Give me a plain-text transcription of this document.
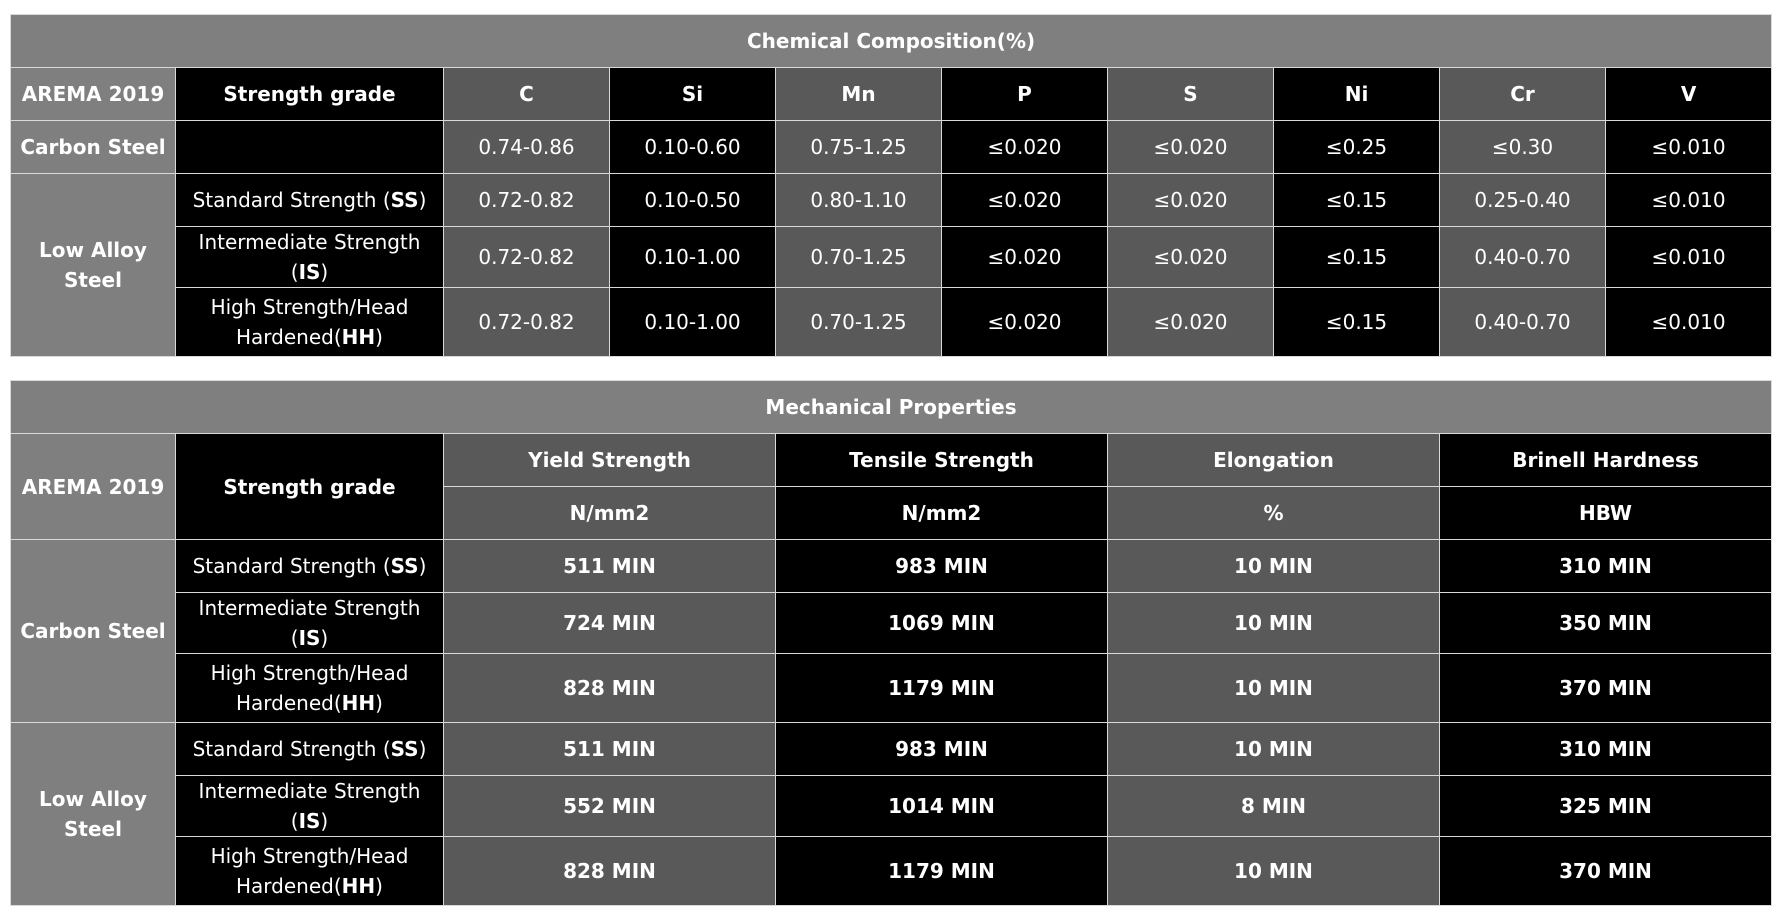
Chemical Composition(%)									
AREMA 2019	Strength grade	C	Si	Mn	P	S	Ni	Cr	V
Carbon Steel		0.74-0.86	0.10-0.60	0.75-1.25	≤0.020	≤0.020	≤0.25	≤0.30	≤0.010
Low Alloy Steel	Standard Strength (SS)	0.72-0.82	0.10-0.50	0.80-1.10	≤0.020	≤0.020	≤0.15	0.25-0.40	≤0.010
	Intermediate Strength (IS)	0.72-0.82	0.10-1.00	0.70-1.25	≤0.020	≤0.020	≤0.15	0.40-0.70	≤0.010
	High Strength/Head Hardened(HH)	0.72-0.82	0.10-1.00	0.70-1.25	≤0.020	≤0.020	≤0.15	0.40-0.70	≤0.010
Mechanical Properties					
AREMA 2019	Strength grade	Yield Strength	Tensile Strength	Elongation	Brinell Hardness
		N/mm2	N/mm2	%	HBW
Carbon Steel	Standard Strength (SS)	511 MIN	983 MIN	10 MIN	310 MIN
	Intermediate Strength (IS)	724 MIN	1069 MIN	10 MIN	350 MIN
	High Strength/Head Hardened(HH)	828 MIN	1179 MIN	10 MIN	370 MIN
Low Alloy Steel	Standard Strength (SS)	511 MIN	983 MIN	10 MIN	310 MIN
	Intermediate Strength (IS)	552 MIN	1014 MIN	8 MIN	325 MIN
	High Strength/Head Hardened(HH)	828 MIN	1179 MIN	10 MIN	370 MIN
